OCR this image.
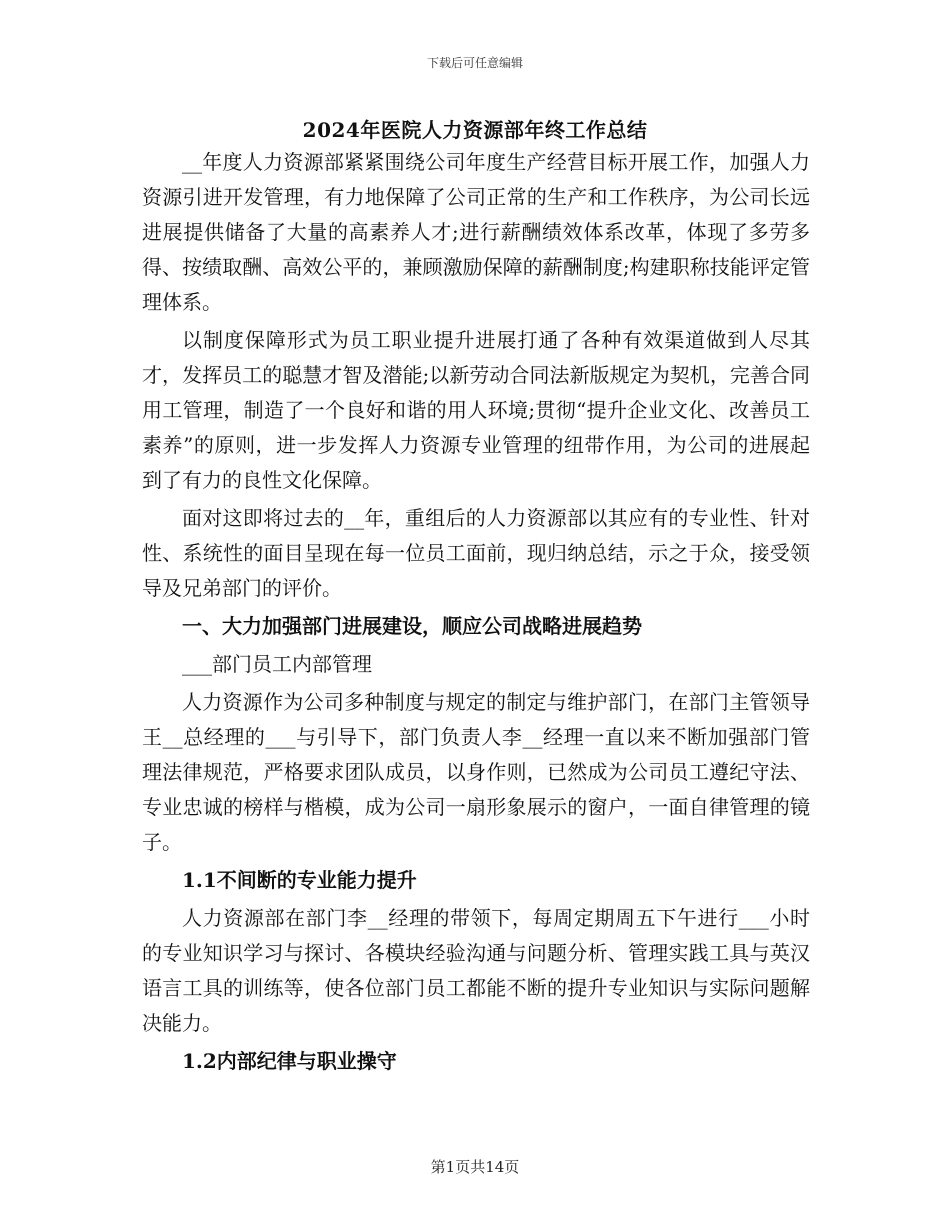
下载后可任意编辑
2024年医院人力资源部年终工作总结

__年度人力资源部紧紧围绕公司年度生产经营目标开展工作，加强人力资源引进开发管理，有力地保障了公司正常的生产和工作秩序，为公司长远进展提供储备了大量的高素养人才;进行薪酬绩效体系改革，体现了多劳多得、按绩取酬、高效公平的，兼顾激励保障的薪酬制度;构建职称技能评定管理体系。

以制度保障形式为员工职业提升进展打通了各种有效渠道做到人尽其才，发挥员工的聪慧才智及潜能;以新劳动合同法新版规定为契机，完善合同用工管理，制造了一个良好和谐的用人环境;贯彻“提升企业文化、改善员工素养”的原则，进一步发挥人力资源专业管理的纽带作用，为公司的进展起到了有力的良性文化保障。

面对这即将过去的__年，重组后的人力资源部以其应有的专业性、针对性、系统性的面目呈现在每一位员工面前，现归纳总结，示之于众，接受领导及兄弟部门的评价。

一、大力加强部门进展建设，顺应公司战略进展趋势

___部门员工内部管理

人力资源作为公司多种制度与规定的制定与维护部门，在部门主管领导王__总经理的___与引导下，部门负责人李__经理一直以来不断加强部门管理法律规范，严格要求团队成员，以身作则，已然成为公司员工遵纪守法、专业忠诚的榜样与楷模，成为公司一扇形象展示的窗户，一面自律管理的镜子。

1.1不间断的专业能力提升

人力资源部在部门李__经理的带领下，每周定期周五下午进行___小时的专业知识学习与探讨、各模块经验沟通与问题分析、管理实践工具与英汉语言工具的训练等，使各位部门员工都能不断的提升专业知识与实际问题解决能力。

1.2内部纪律与职业操守

第1页共14页
